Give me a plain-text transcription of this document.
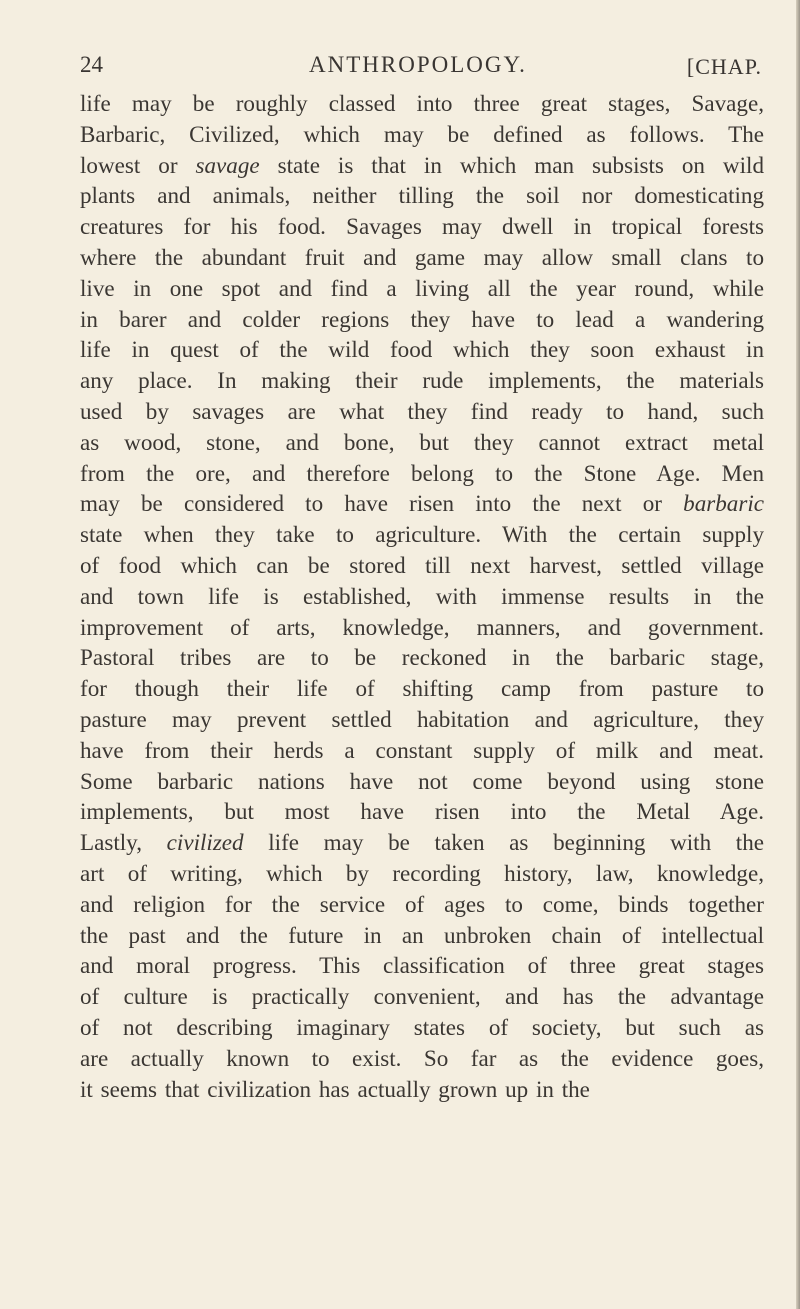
24	ANTHROPOLOGY.	[CHAP.
life may be roughly classed into three great stages, Savage,
Barbaric, Civilized, which may be defined as follows. The
lowest or savage state is that in which man subsists on wild
plants and animals, neither tilling the soil nor domesticating
creatures for his food. Savages may dwell in tropical forests
where the abundant fruit and game may allow small clans to
live in one spot and find a living all the year round, while
in barer and colder regions they have to lead a wandering
life in quest of the wild food which they soon exhaust in
any place. In making their rude implements, the materials
used by savages are what they find ready to hand, such
as wood, stone, and bone, but they cannot extract metal
from the ore, and therefore belong to the Stone Age. Men
may be considered to have risen into the next or barbaric
state when they take to agriculture. With the certain supply
of food which can be stored till next harvest, settled village
and town life is established, with immense results in the
improvement of arts, knowledge, manners, and government.
Pastoral tribes are to be reckoned in the barbaric stage,
for though their life of shifting camp from pasture to
pasture may prevent settled habitation and agriculture, they
have from their herds a constant supply of milk and meat.
Some barbaric nations have not come beyond using stone
implements, but most have risen into the Metal Age.
Lastly, civilized life may be taken as beginning with the
art of writing, which by recording history, law, knowledge,
and religion for the service of ages to come, binds together
the past and the future in an unbroken chain of intellectual
and moral progress. This classification of three great stages
of culture is practically convenient, and has the advantage
of not describing imaginary states of society, but such as
are actually known to exist. So far as the evidence goes,
it seems that civilization has actually grown up in the
